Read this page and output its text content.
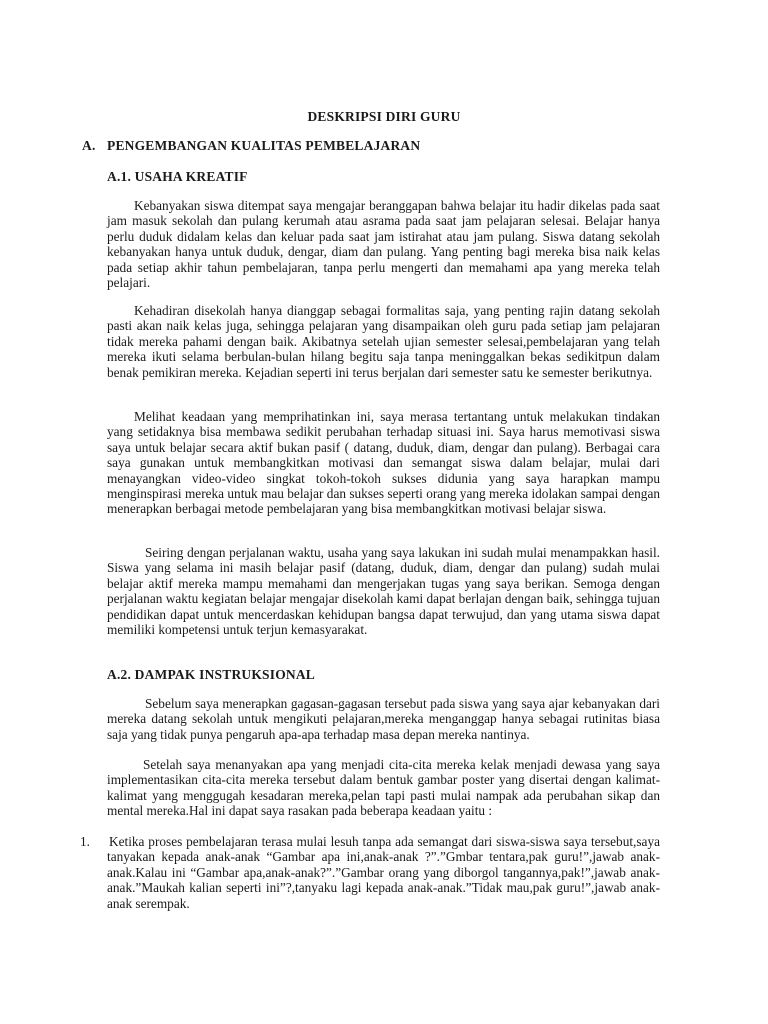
DESKRIPSI DIRI GURU
A. PENGEMBANGAN KUALITAS PEMBELAJARAN
A.1. USAHA KREATIF

Kebanyakan siswa ditempat saya mengajar beranggapan bahwa belajar itu hadir dikelas pada saat jam masuk sekolah dan pulang kerumah atau asrama pada saat jam pelajaran selesai. Belajar hanya perlu duduk didalam kelas dan keluar pada saat jam istirahat atau jam pulang. Siswa datang sekolah kebanyakan hanya untuk duduk, dengar, diam dan pulang. Yang penting bagi mereka bisa naik kelas pada setiap akhir tahun pembelajaran, tanpa perlu mengerti dan memahami apa yang mereka telah pelajari.

Kehadiran disekolah hanya dianggap sebagai formalitas saja, yang penting rajin datang sekolah pasti akan naik kelas juga, sehingga pelajaran yang disampaikan oleh guru pada setiap jam pelajaran tidak mereka pahami dengan baik. Akibatnya setelah ujian semester selesai,pembelajaran yang telah mereka ikuti selama berbulan-bulan hilang begitu saja tanpa meninggalkan bekas sedikitpun dalam benak pemikiran mereka. Kejadian seperti ini terus berjalan dari semester satu ke semester berikutnya.

Melihat keadaan yang memprihatinkan ini, saya merasa tertantang untuk melakukan tindakan yang setidaknya bisa membawa sedikit perubahan terhadap situasi ini. Saya harus memotivasi siswa saya untuk belajar secara aktif bukan pasif ( datang, duduk, diam, dengar dan pulang). Berbagai cara saya gunakan untuk membangkitkan motivasi dan semangat siswa dalam belajar, mulai dari menayangkan video-video singkat tokoh-tokoh sukses didunia yang saya harapkan mampu menginspirasi mereka untuk mau belajar dan sukses seperti orang yang mereka idolakan sampai dengan menerapkan berbagai metode pembelajaran yang bisa membangkitkan motivasi belajar siswa.

Seiring dengan perjalanan waktu, usaha yang saya lakukan ini sudah mulai menampakkan hasil. Siswa yang selama ini masih belajar pasif (datang, duduk, diam, dengar dan pulang) sudah mulai belajar aktif mereka mampu memahami dan mengerjakan tugas yang saya berikan. Semoga dengan perjalanan waktu kegiatan belajar mengajar disekolah kami dapat berlajan dengan baik, sehingga tujuan pendidikan dapat untuk mencerdaskan kehidupan bangsa dapat terwujud, dan yang utama siswa dapat memiliki kompetensi untuk terjun kemasyarakat.

A.2. DAMPAK INSTRUKSIONAL

Sebelum saya menerapkan gagasan-gagasan tersebut pada siswa yang saya ajar kebanyakan dari mereka datang sekolah untuk mengikuti pelajaran,mereka menganggap hanya sebagai rutinitas biasa saja yang tidak punya pengaruh apa-apa terhadap masa depan mereka nantinya.

Setelah saya menanyakan apa yang menjadi cita-cita mereka kelak menjadi dewasa yang saya implementasikan cita-cita mereka tersebut dalam bentuk gambar poster yang disertai dengan kalimat-kalimat yang menggugah kesadaran mereka,pelan tapi pasti mulai nampak ada perubahan sikap dan mental mereka.Hal ini dapat saya rasakan pada beberapa keadaan yaitu :

1. Ketika proses pembelajaran terasa mulai lesuh tanpa ada semangat dari siswa-siswa saya tersebut,saya tanyakan kepada anak-anak “Gambar apa ini,anak-anak ?”.”Gmbar tentara,pak guru!”,jawab anak-anak.Kalau ini “Gambar apa,anak-anak?”.”Gambar orang yang diborgol tangannya,pak!”,jawab anak-anak.”Maukah kalian seperti ini”?,tanyaku lagi kepada anak-anak.”Tidak mau,pak guru!”,jawab anak-anak serempak.
